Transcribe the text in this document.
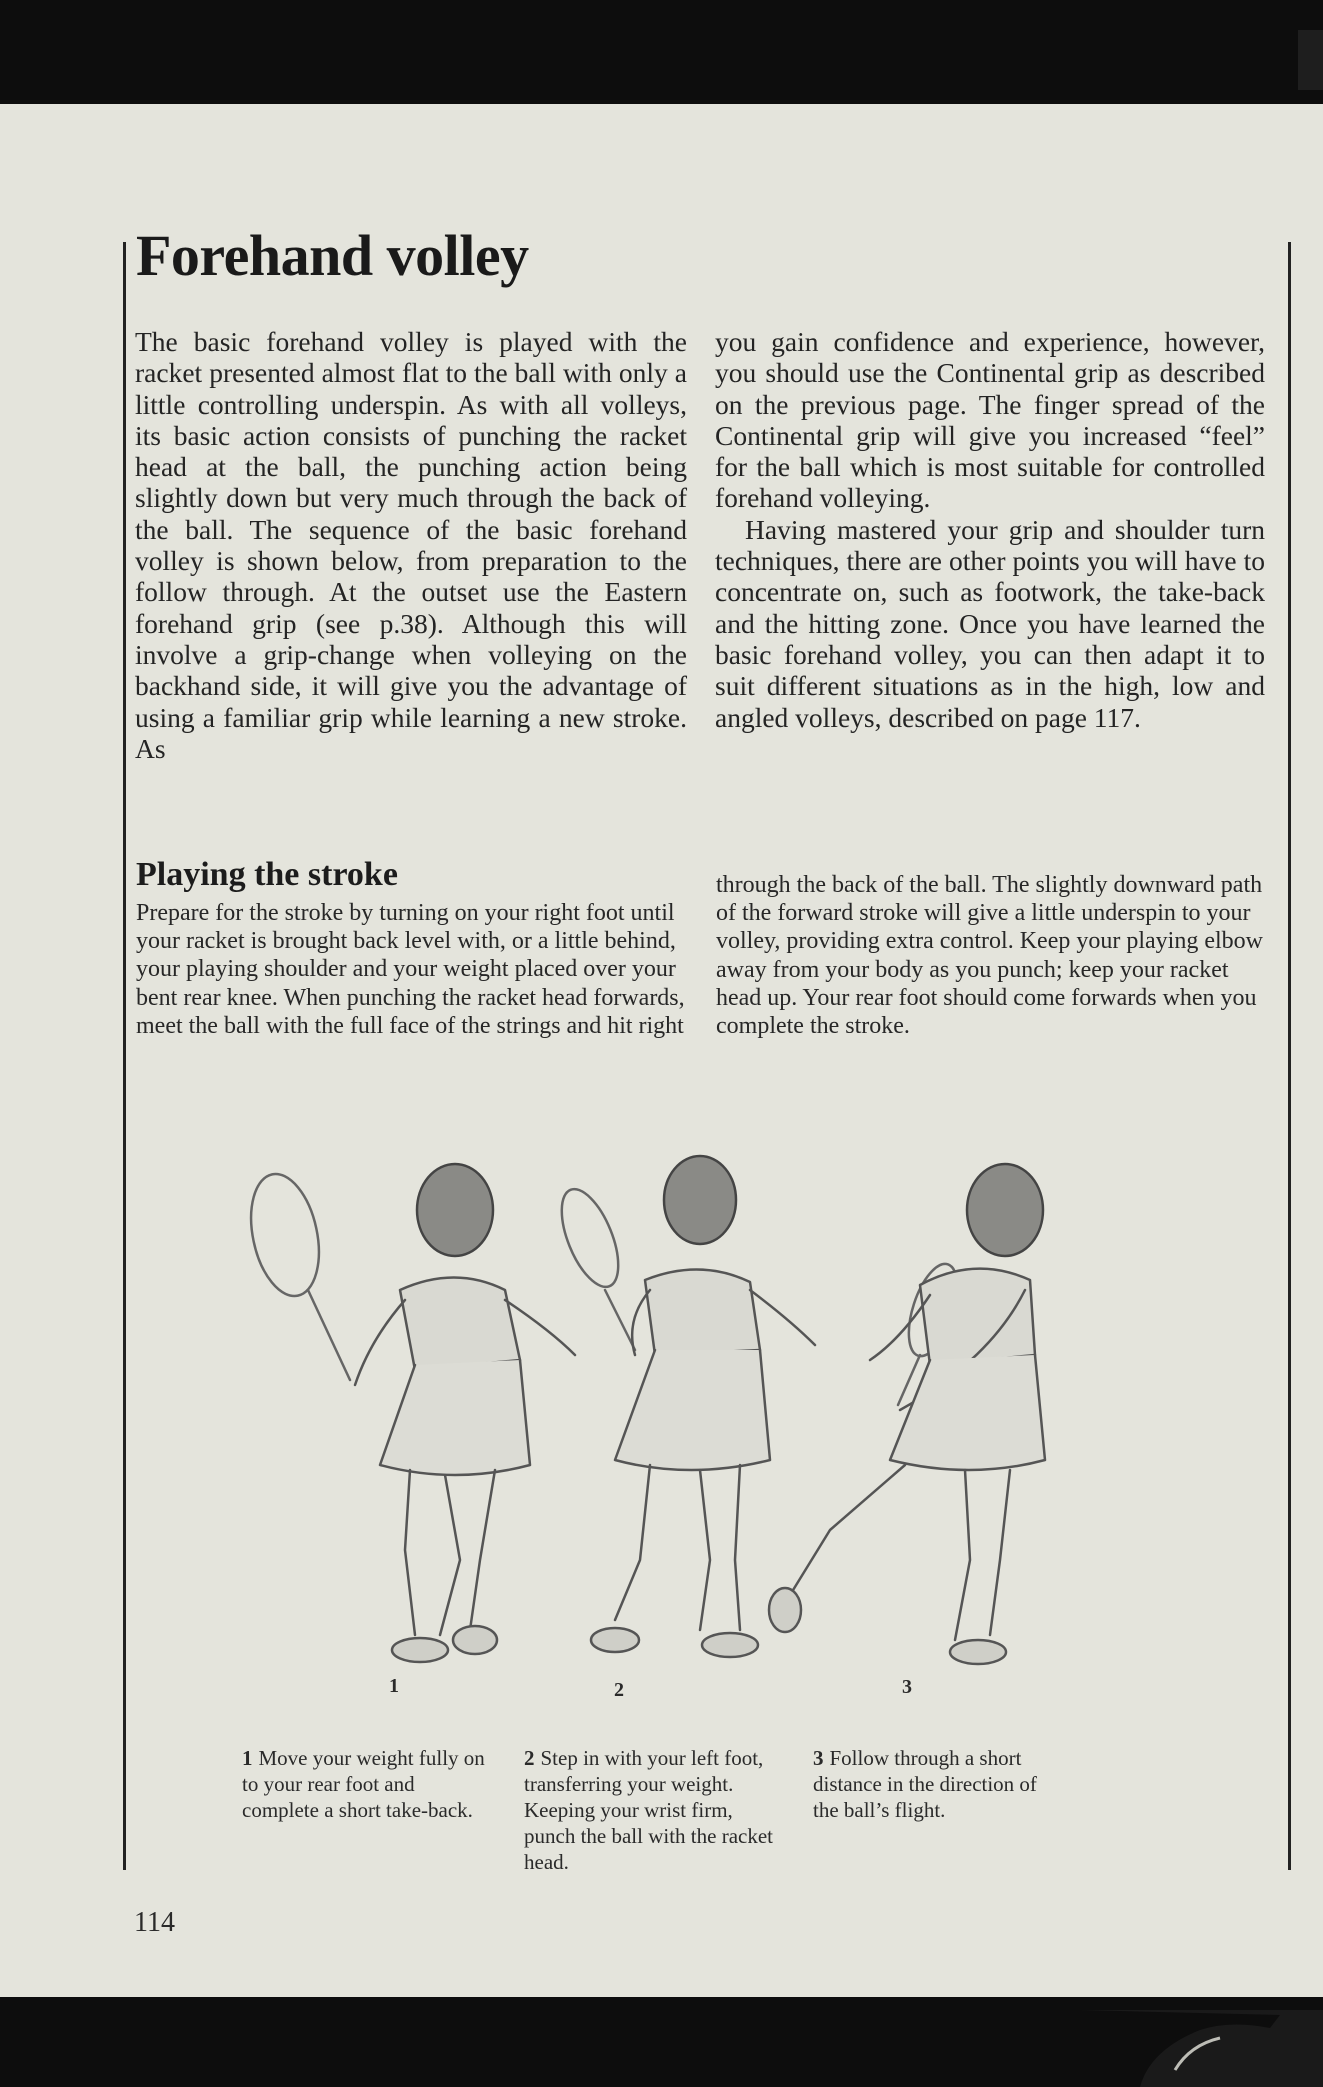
Forehand volley

The basic forehand volley is played with the racket presented almost flat to the ball with only a little controlling underspin. As with all volleys, its basic action consists of punching the racket head at the ball, the punching action being slightly down but very much through the back of the ball. The sequence of the basic forehand volley is shown below, from preparation to the follow through. At the outset use the Eastern forehand grip (see p.38). Although this will involve a grip-change when volleying on the backhand side, it will give you the advantage of using a familiar grip while learning a new stroke. As

you gain confidence and experience, however, you should use the Continental grip as described on the previous page. The finger spread of the Continental grip will give you increased “feel” for the ball which is most suitable for controlled forehand volleying.

Having mastered your grip and shoulder turn techniques, there are other points you will have to concentrate on, such as footwork, the take-back and the hitting zone. Once you have learned the basic forehand volley, you can then adapt it to suit different situations as in the high, low and angled volleys, described on page 117.

Playing the stroke

Prepare for the stroke by turning on your right foot until your racket is brought back level with, or a little behind, your playing shoulder and your weight placed over your bent rear knee. When punching the racket head forwards, meet the ball with the full face of the strings and hit right

through the back of the ball. The slightly downward path of the forward stroke will give a little underspin to your volley, providing extra control. Keep your playing elbow away from your body as you punch; keep your racket head up. Your rear foot should come forwards when you complete the stroke.

1	2	3

1 Move your weight fully on to your rear foot and complete a short take-back.

2 Step in with your left foot, transferring your weight. Keeping your wrist firm, punch the ball with the racket head.

3 Follow through a short distance in the direction of the ball’s flight.

114
